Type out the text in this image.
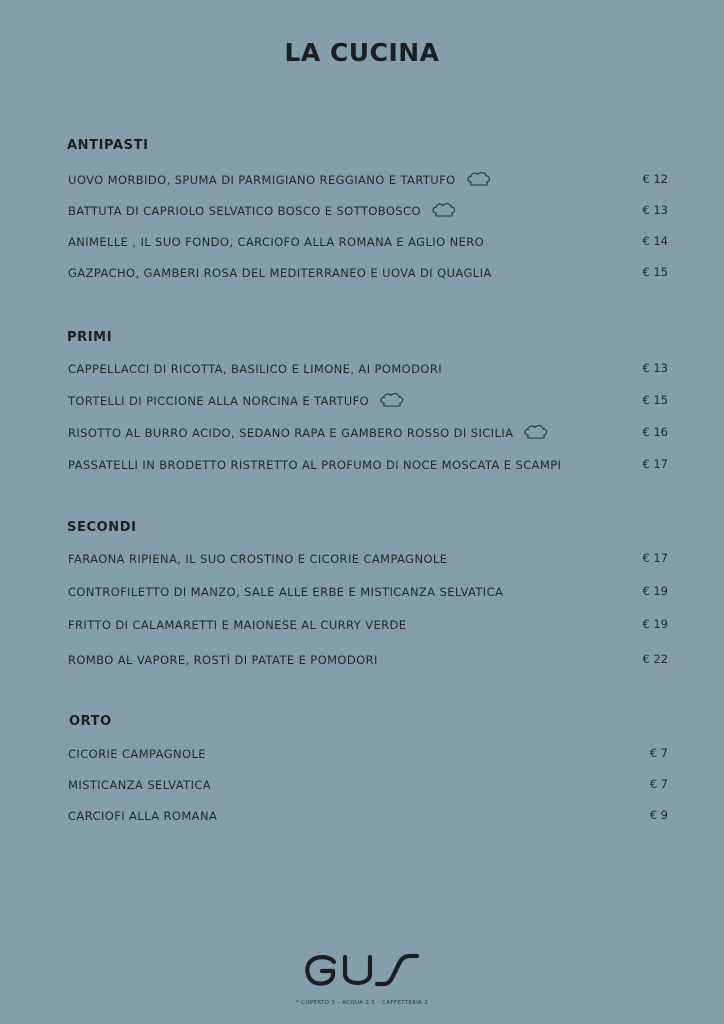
LA CUCINA
ANTIPASTI
UOVO MORBIDO, SPUMA DI PARMIGIANO REGGIANO E TARTUFO	€ 12
BATTUTA DI CAPRIOLO SELVATICO BOSCO E SOTTOBOSCO	€ 13
ANIMELLE , IL SUO FONDO, CARCIOFO ALLA ROMANA E AGLIO NERO	€ 14
GAZPACHO, GAMBERI ROSA DEL MEDITERRANEO E UOVA DI QUAGLIA	€ 15
PRIMI
CAPPELLACCI DI RICOTTA, BASILICO E LIMONE, AI POMODORI	€ 13
TORTELLI DI PICCIONE ALLA NORCINA E TARTUFO	€ 15
RISOTTO AL BURRO ACIDO, SEDANO RAPA E GAMBERO ROSSO DI SICILIA	€ 16
PASSATELLI IN BRODETTO RISTRETTO AL PROFUMO DI NOCE MOSCATA E SCAMPI	€ 17
SECONDI
FARAONA RIPIENA, IL SUO CROSTINO E CICORIE CAMPAGNOLE	€ 17
CONTROFILETTO DI MANZO, SALE ALLE ERBE E MISTICANZA SELVATICA	€ 19
FRITTO DI CALAMARETTI E MAIONESE AL CURRY VERDE	€ 19
ROMBO AL VAPORE, ROSTÌ DI PATATE E POMODORI	€ 22
ORTO
CICORIE CAMPAGNOLE	€ 7
MISTICANZA SELVATICA	€ 7
CARCIOFI ALLA ROMANA	€ 9
* COPERTO 3 – ACQUA 2,5 – CAFFETTERIA 2
